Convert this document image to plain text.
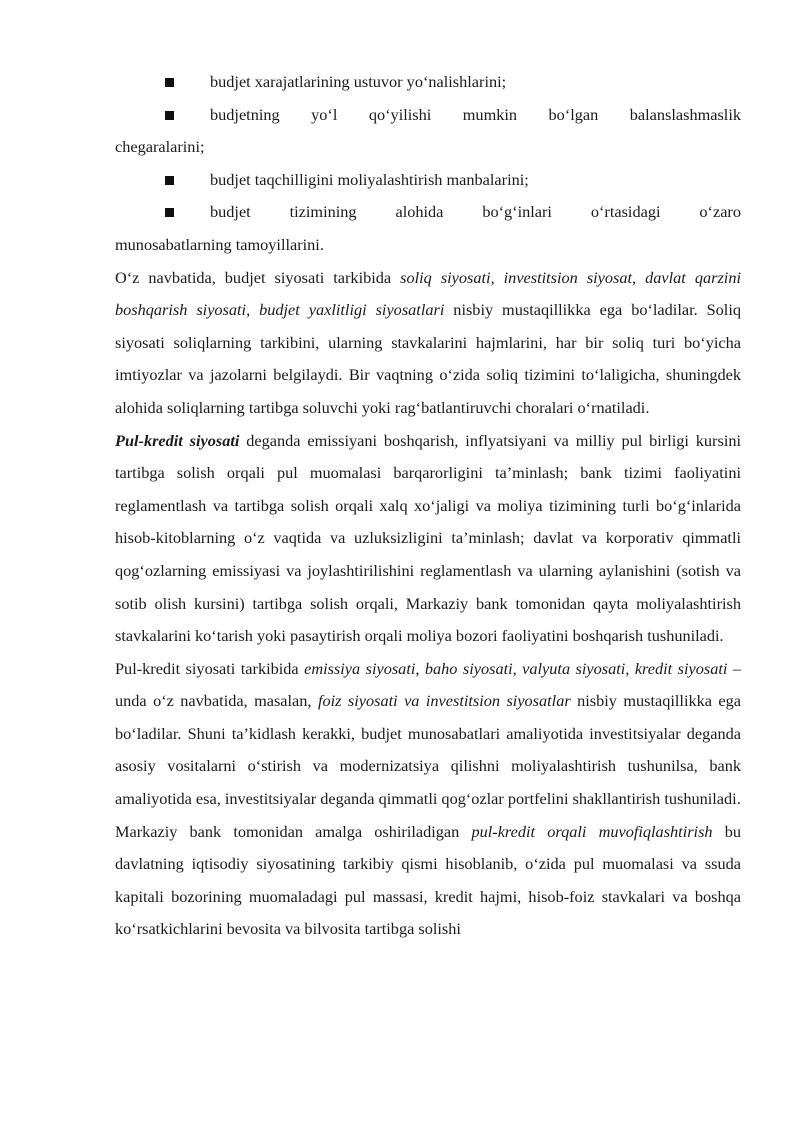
budjet xarajatlarining ustuvor yo‘nalishlarini;
budjetning yo‘l qo‘yilishi mumkin bo‘lgan balanslashmaslik

chegaralarini;

budjet taqchilligini moliyalashtirish manbalarini;
budjet tizimining alohida bo‘g‘inlari o‘rtasidagi o‘zaro

munosabatlarning tamoyillarini.

O‘z navbatida, budjet siyosati tarkibida soliq siyosati, investitsion siyosat, davlat qarzini boshqarish siyosati, budjet yaxlitligi siyosatlari nisbiy mustaqillikka ega bo‘ladilar. Soliq siyosati soliqlarning tarkibini, ularning stavkalarini hajmlarini, har bir soliq turi bo‘yicha imtiyozlar va jazolarni belgilaydi. Bir vaqtning o‘zida soliq tizimini to‘laligicha, shuningdek alohida soliqlarning tartibga soluvchi yoki rag‘batlantiruvchi choralari o‘rnatiladi.

Pul-kredit siyosati deganda emissiyani boshqarish, inflyatsiyani va milliy pul birligi kursini tartibga solish orqali pul muomalasi barqarorligini ta’minlash; bank tizimi faoliyatini reglamentlash va tartibga solish orqali xalq xo‘jaligi va moliya tizimining turli bo‘g‘inlarida hisob-kitoblarning o‘z vaqtida va uzluksizligini ta’minlash; davlat va korporativ qimmatli qog‘ozlarning emissiyasi va joylashtirilishini reglamentlash va ularning aylanishini (sotish va sotib olish kursini) tartibga solish orqali, Markaziy bank tomonidan qayta moliyalashtirish stavkalarini ko‘tarish yoki pasaytirish orqali moliya bozori faoliyatini boshqarish tushuniladi.

Pul-kredit siyosati tarkibida emissiya siyosati, baho siyosati, valyuta siyosati, kredit siyosati – unda o‘z navbatida, masalan, foiz siyosati va investitsion siyosatlar nisbiy mustaqillikka ega bo‘ladilar. Shuni ta’kidlash kerakki, budjet munosabatlari amaliyotida investitsiyalar deganda asosiy vositalarni o‘stirish va modernizatsiya qilishni moliyalashtirish tushunilsa, bank amaliyotida esa, investitsiyalar deganda qimmatli qog‘ozlar portfelini shakllantirish tushuniladi.

Markaziy bank tomonidan amalga oshiriladigan pul-kredit orqali muvofiqlashtirish bu davlatning iqtisodiy siyosatining tarkibiy qismi hisoblanib, o‘zida pul muomalasi va ssuda kapitali bozorining muomaladagi pul massasi, kredit hajmi, hisob-foiz stavkalari va boshqa ko‘rsatkichlarini bevosita va bilvosita tartibga solishi
